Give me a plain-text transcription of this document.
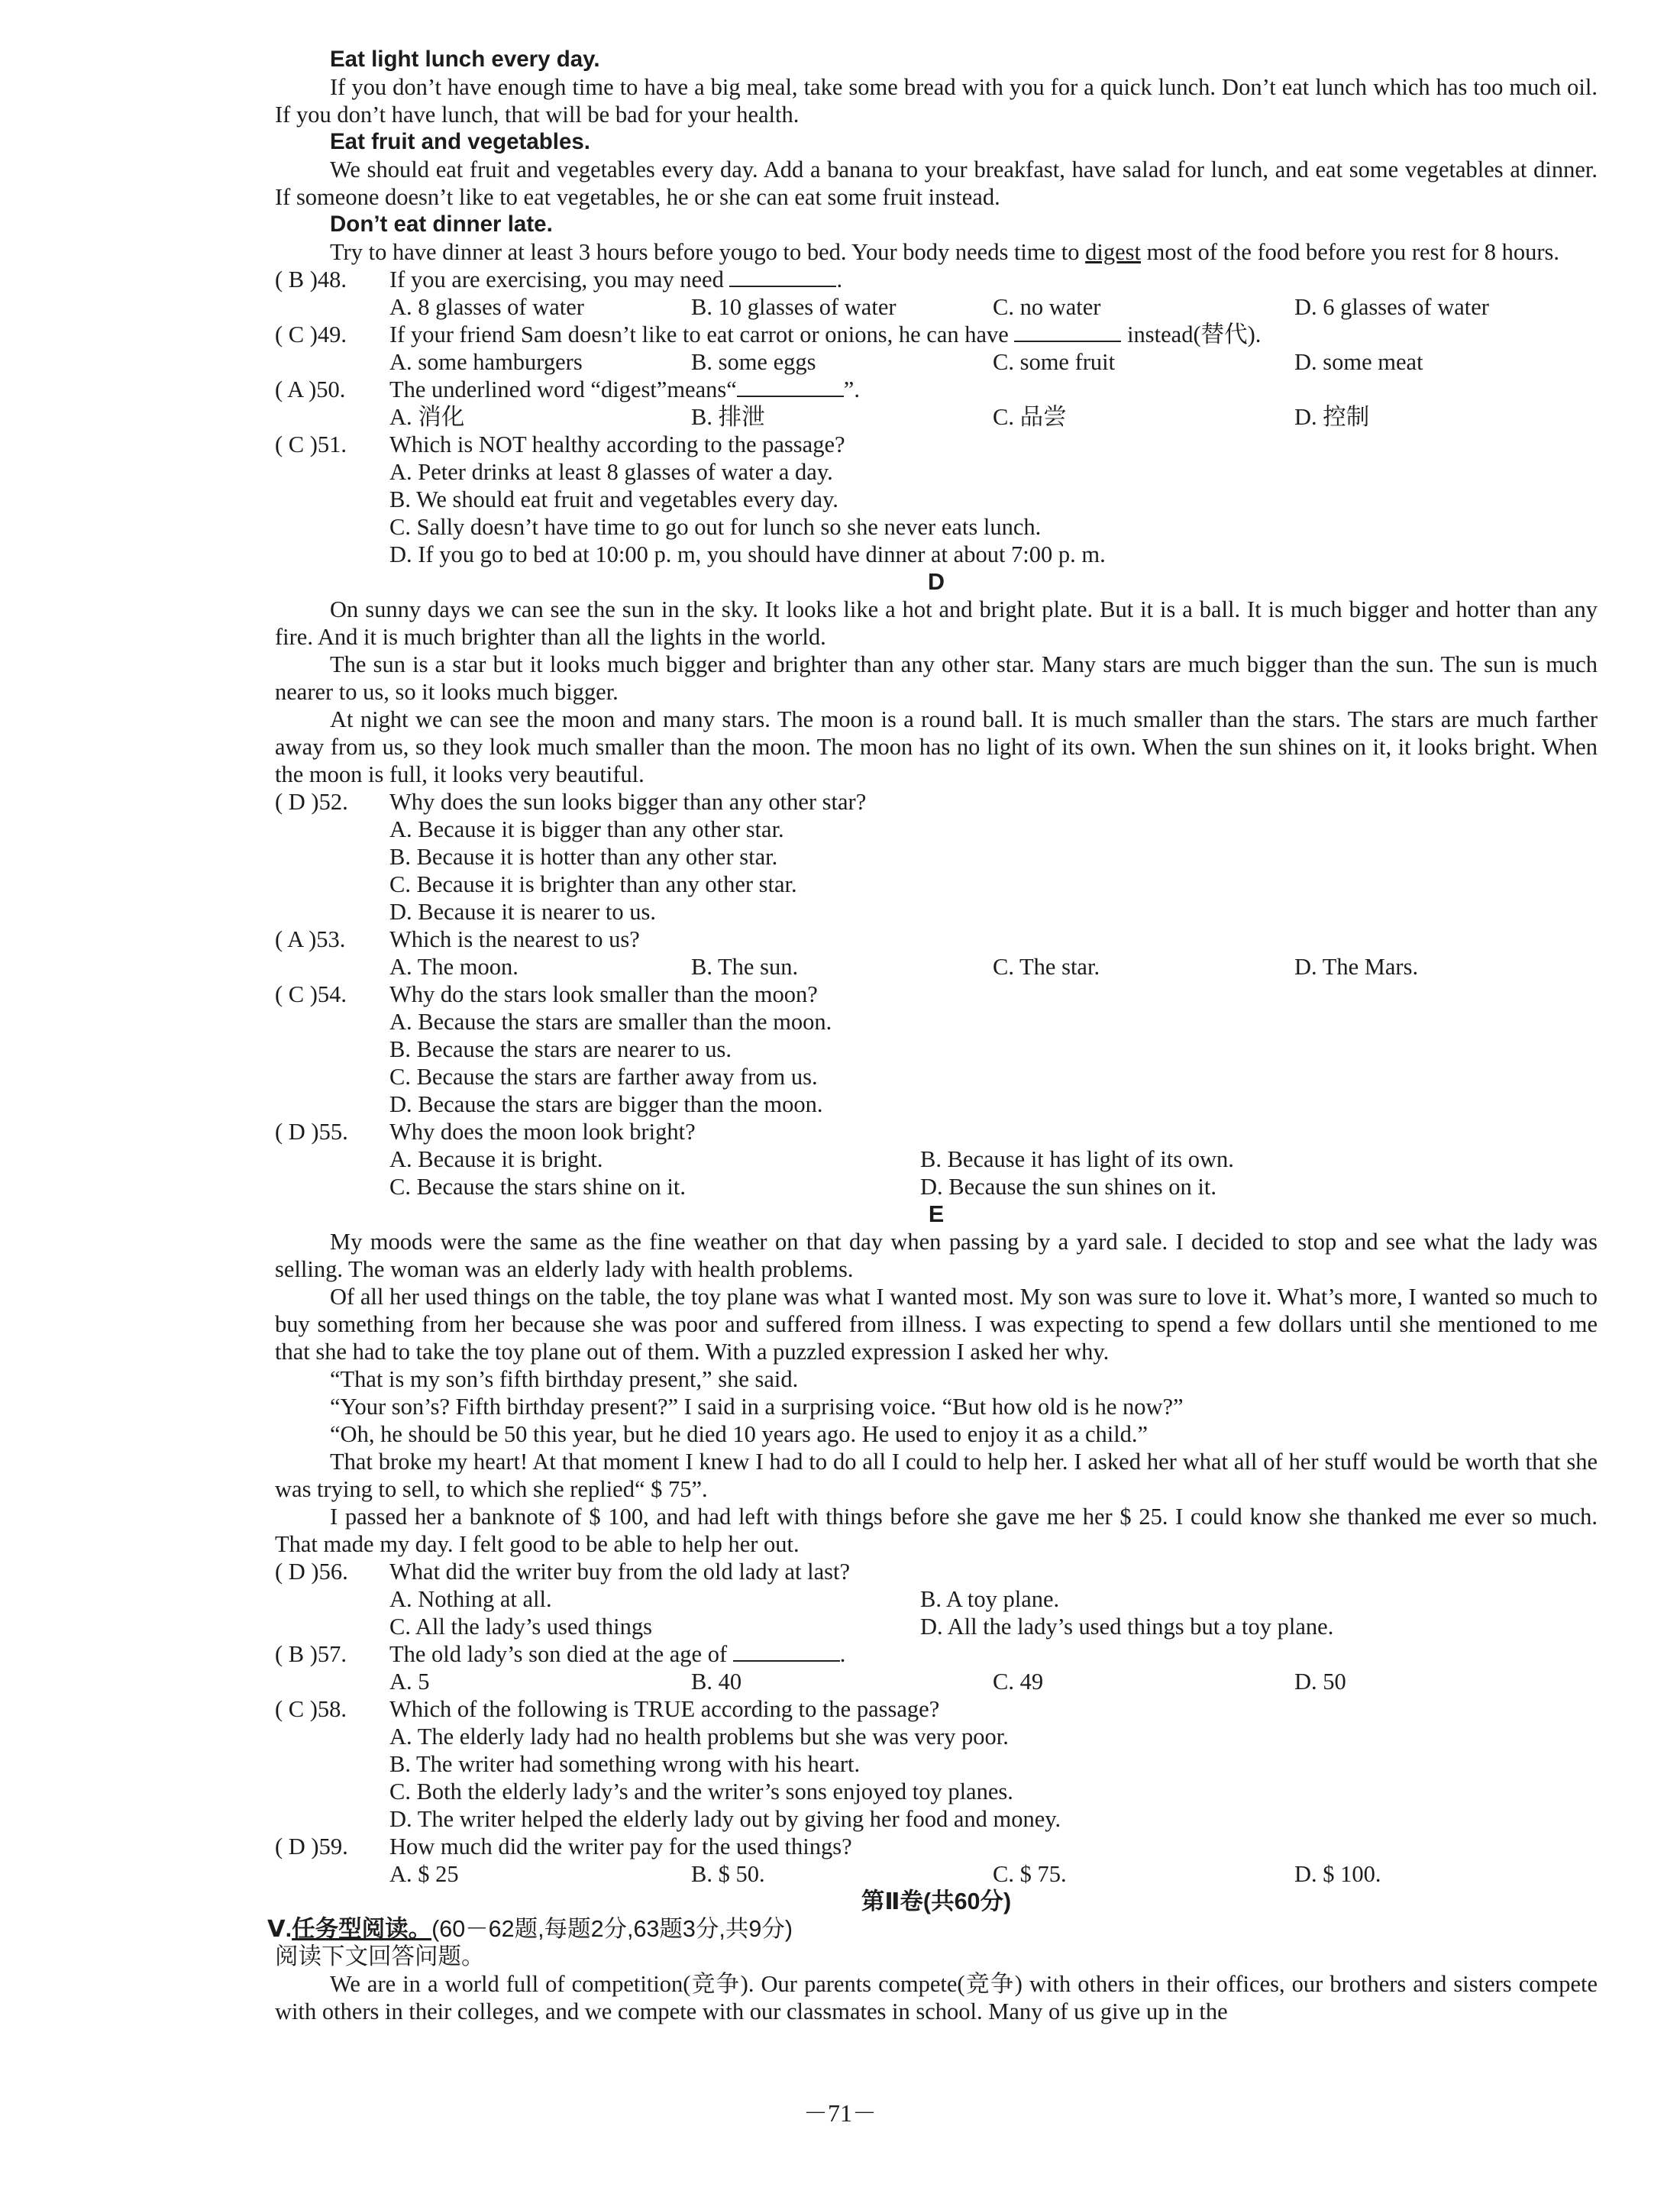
Eat light lunch every day.

If you don’t have enough time to have a big meal, take some bread with you for a quick lunch. Don’t eat lunch which has too much oil. If you don’t have lunch, that will be bad for your health.

Eat fruit and vegetables.

We should eat fruit and vegetables every day. Add a banana to your breakfast, have salad for lunch, and eat some vegetables at dinner. If someone doesn’t like to eat vegetables, he or she can eat some fruit instead.

Don’t eat dinner late.

Try to have dinner at least 3 hours before yougo to bed. Your body needs time to digest most of the food before you rest for 8 hours.

( B )48.	If you are exercising, you may need	.
A. 8 glasses of water	B. 10 glasses of water	C. no water	D. 6 glasses of water
( C )49.	If your friend Sam doesn’t like to eat carrot or onions, he can have	instead(替代).
A. some hamburgers	B. some eggs	C. some fruit	D. some meat
( A )50.	The underlined word “digest”means“	”.
A. 消化	B. 排泄	C. 品尝	D. 控制
( C )51.	Which is NOT healthy according to the passage?

A. Peter drinks at least 8 glasses of water a day.

B. We should eat fruit and vegetables every day.

C. Sally doesn’t have time to go out for lunch so she never eats lunch.

D. If you go to bed at 10:00 p. m, you should have dinner at about 7:00 p. m.

D

On sunny days we can see the sun in the sky. It looks like a hot and bright plate. But it is a ball. It is much bigger and hotter than any fire. And it is much brighter than all the lights in the world.

The sun is a star but it looks much bigger and brighter than any other star. Many stars are much bigger than the sun. The sun is much nearer to us, so it looks much bigger.

At night we can see the moon and many stars. The moon is a round ball. It is much smaller than the stars. The stars are much farther away from us, so they look much smaller than the moon. The moon has no light of its own. When the sun shines on it, it looks bright. When the moon is full, it looks very beautiful.

( D )52.	Why does the sun looks bigger than any other star?

A. Because it is bigger than any other star.

B. Because it is hotter than any other star.

C. Because it is brighter than any other star.

D. Because it is nearer to us.

( A )53.	Which is the nearest to us?
A. The moon.	B. The sun.	C. The star.	D. The Mars.
( C )54.	Why do the stars look smaller than the moon?

A. Because the stars are smaller than the moon.

B. Because the stars are nearer to us.

C. Because the stars are farther away from us.

D. Because the stars are bigger than the moon.

( D )55.	Why does the moon look bright?
A. Because it is bright.	B. Because it has light of its own.
C. Because the stars shine on it.	D. Because the sun shines on it.

E

My moods were the same as the fine weather on that day when passing by a yard sale. I decided to stop and see what the lady was selling. The woman was an elderly lady with health problems.

Of all her used things on the table, the toy plane was what I wanted most. My son was sure to love it. What’s more, I wanted so much to buy something from her because she was poor and suffered from illness. I was expecting to spend a few dollars until she mentioned to me that she had to take the toy plane out of them. With a puzzled expression I asked her why.

“That is my son’s fifth birthday present,” she said.

“Your son’s? Fifth birthday present?” I said in a surprising voice. “But how old is he now?”

“Oh, he should be 50 this year, but he died 10 years ago. He used to enjoy it as a child.”

That broke my heart! At that moment I knew I had to do all I could to help her. I asked her what all of her stuff would be worth that she was trying to sell, to which she replied“ $ 75”.

I passed her a banknote of $ 100, and had left with things before she gave me her $ 25. I could know she thanked me ever so much. That made my day. I felt good to be able to help her out.

( D )56.	What did the writer buy from the old lady at last?
A. Nothing at all.	B. A toy plane.
C. All the lady’s used things	D. All the lady’s used things but a toy plane.
( B )57.	The old lady’s son died at the age of	.
A. 5	B. 40	C. 49	D. 50
( C )58.	Which of the following is TRUE according to the passage?

A. The elderly lady had no health problems but she was very poor.

B. The writer had something wrong with his heart.

C. Both the elderly lady’s and the writer’s sons enjoyed toy planes.

D. The writer helped the elderly lady out by giving her food and money.

( D )59.	How much did the writer pay for the used things?
A. $ 25	B. $ 50.	C. $ 75.	D. $ 100.

第Ⅱ卷(共60分)

Ⅴ.任务型阅读。(60－62题,每题2分,63题3分,共9分)

阅读下文回答问题。

We are in a world full of competition(竞争). Our parents compete(竞争) with others in their offices, our brothers and sisters compete with others in their colleges, and we compete with our classmates in school. Many of us give up in the

－71－
